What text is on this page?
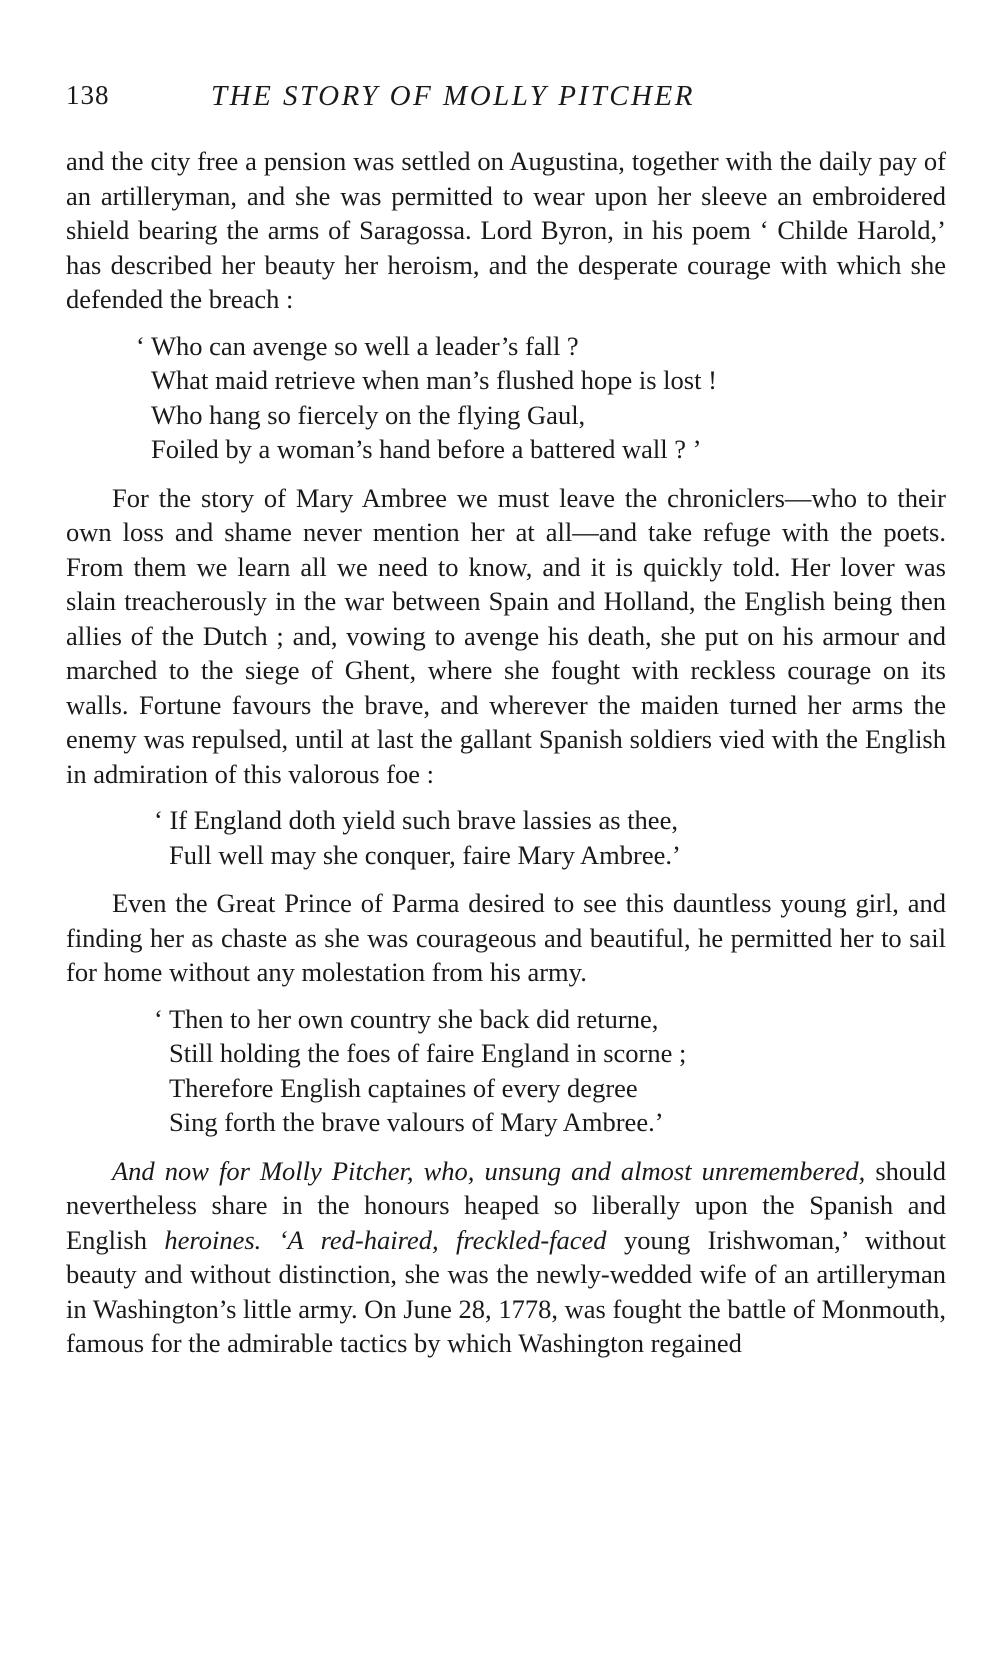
138	THE STORY OF MOLLY PITCHER

and the city free a pension was settled on Augustina, together with the daily pay of an artilleryman, and she was permitted to wear upon her sleeve an embroidered shield bearing the arms of Saragossa. Lord Byron, in his poem ‘ Childe Harold,’ has described her beauty her heroism, and the desperate courage with which she defended the breach :

‘ Who can avenge so well a leader’s fall ?
What maid retrieve when man’s flushed hope is lost !
Who hang so fiercely on the flying Gaul,
Foiled by a woman’s hand before a battered wall ? ’

For the story of Mary Ambree we must leave the chroniclers—who to their own loss and shame never mention her at all—and take refuge with the poets. From them we learn all we need to know, and it is quickly told. Her lover was slain treacherously in the war between Spain and Holland, the English being then allies of the Dutch ; and, vowing to avenge his death, she put on his armour and marched to the siege of Ghent, where she fought with reckless courage on its walls. Fortune favours the brave, and wherever the maiden turned her arms the enemy was repulsed, until at last the gallant Spanish soldiers vied with the English in admiration of this valorous foe :

‘ If England doth yield such brave lassies as thee,
Full well may she conquer, faire Mary Ambree.’

Even the Great Prince of Parma desired to see this dauntless young girl, and finding her as chaste as she was courageous and beautiful, he permitted her to sail for home without any molestation from his army.

‘ Then to her own country she back did returne,
Still holding the foes of faire England in scorne ;
Therefore English captaines of every degree
Sing forth the brave valours of Mary Ambree.’

And now for Molly Pitcher, who, unsung and almost unremembered, should nevertheless share in the honours heaped so liberally upon the Spanish and English heroines. ‘A red-haired, freckled-faced young Irishwoman,’ without beauty and without distinction, she was the newly-wedded wife of an artilleryman in Washington’s little army. On June 28, 1778, was fought the battle of Monmouth, famous for the admirable tactics by which Washington regained
